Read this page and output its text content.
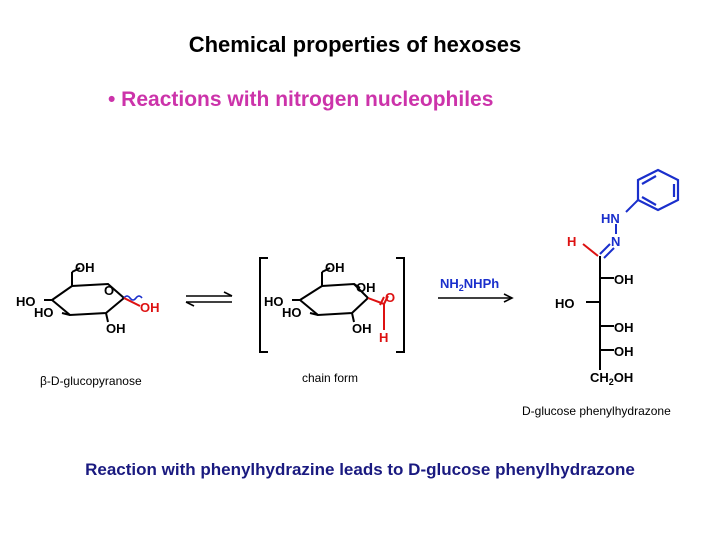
Chemical properties of hexoses
• Reactions with nitrogen nucleophiles
OH
HO
HO
O
OH
OH
β-D-glucopyranose
OH
OH
HO
HO
OH
O
H
chain form
$NH_2NHPh$
HN
N
H
OH
HO
OH
OH
$CH_2OH$
D-glucose phenylhydrazone
Reaction with phenylhydrazine leads to D-glucose phenylhydrazone
